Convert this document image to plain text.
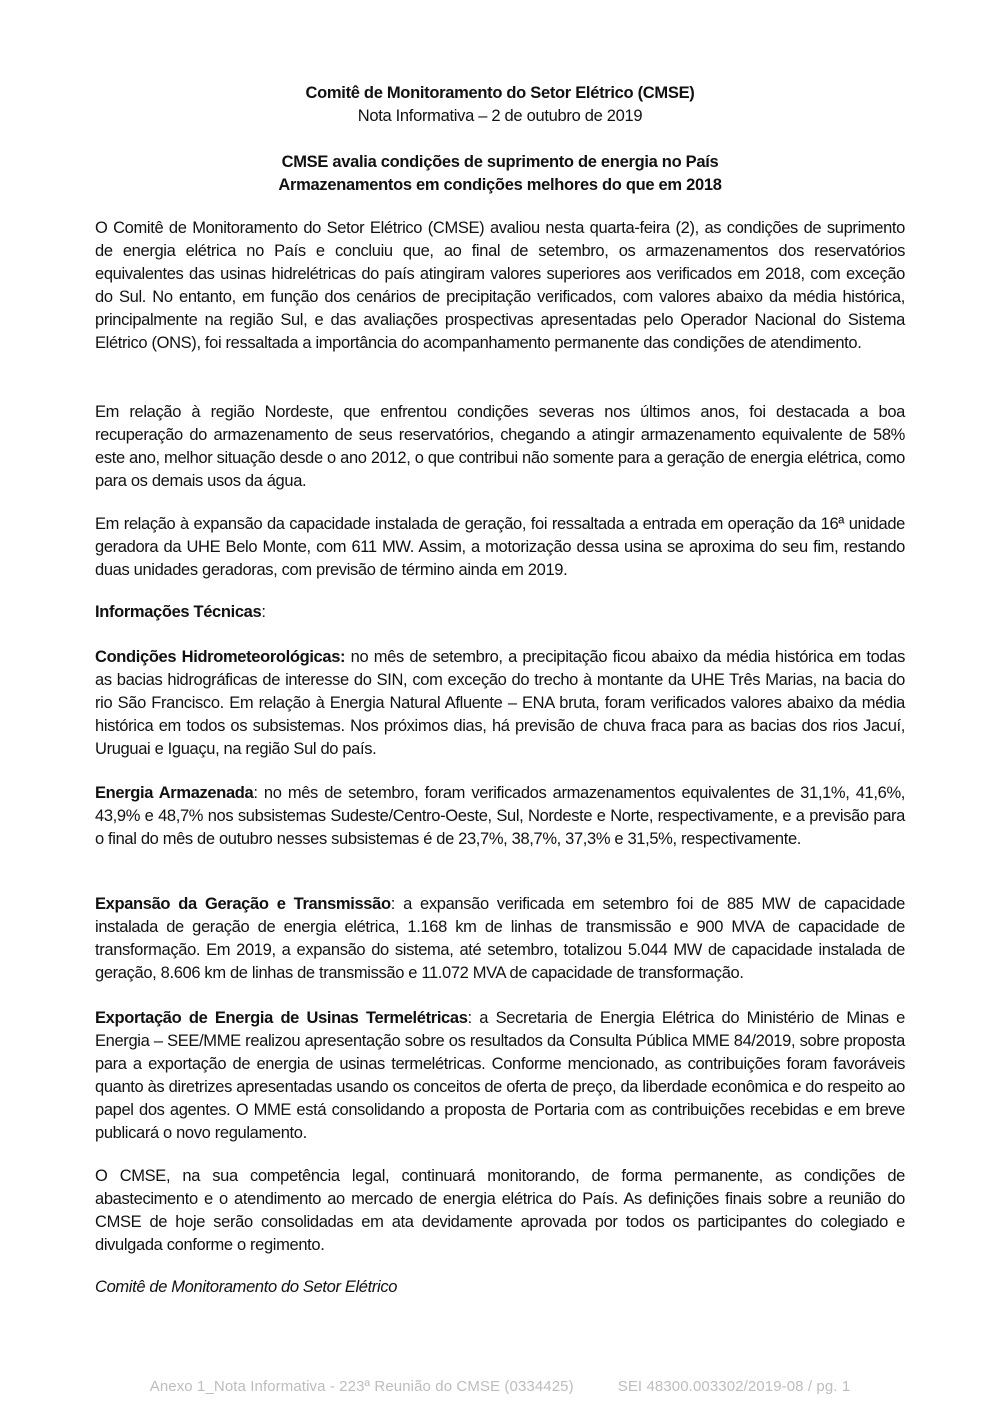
Comitê de Monitoramento do Setor Elétrico (CMSE)
Nota Informativa – 2 de outubro de 2019
CMSE avalia condições de suprimento de energia no País
Armazenamentos em condições melhores do que em 2018

O Comitê de Monitoramento do Setor Elétrico (CMSE) avaliou nesta quarta-feira (2), as condições de suprimento de energia elétrica no País e concluiu que, ao final de setembro, os armazenamentos dos reservatórios equivalentes das usinas hidrelétricas do país atingiram valores superiores aos verificados em 2018, com exceção do Sul. No entanto, em função dos cenários de precipitação verificados, com valores abaixo da média histórica, principalmente na região Sul, e das avaliações prospectivas apresentadas pelo Operador Nacional do Sistema Elétrico (ONS), foi ressaltada a importância do acompanhamento permanente das condições de atendimento.

Em relação à região Nordeste, que enfrentou condições severas nos últimos anos, foi destacada a boa recuperação do armazenamento de seus reservatórios, chegando a atingir armazenamento equivalente de 58% este ano, melhor situação desde o ano 2012, o que contribui não somente para a geração de energia elétrica, como para os demais usos da água.

Em relação à expansão da capacidade instalada de geração, foi ressaltada a entrada em operação da 16ª unidade geradora da UHE Belo Monte, com 611 MW. Assim, a motorização dessa usina se aproxima do seu fim, restando duas unidades geradoras, com previsão de término ainda em 2019.

Informações Técnicas:

Condições Hidrometeorológicas: no mês de setembro, a precipitação ficou abaixo da média histórica em todas as bacias hidrográficas de interesse do SIN, com exceção do trecho à montante da UHE Três Marias, na bacia do rio São Francisco. Em relação à Energia Natural Afluente – ENA bruta, foram verificados valores abaixo da média histórica em todos os subsistemas. Nos próximos dias, há previsão de chuva fraca para as bacias dos rios Jacuí, Uruguai e Iguaçu, na região Sul do país.

Energia Armazenada: no mês de setembro, foram verificados armazenamentos equivalentes de 31,1%, 41,6%, 43,9% e 48,7% nos subsistemas Sudeste/Centro-Oeste, Sul, Nordeste e Norte, respectivamente, e a previsão para o final do mês de outubro nesses subsistemas é de 23,7%, 38,7%, 37,3% e 31,5%, respectivamente.

Expansão da Geração e Transmissão: a expansão verificada em setembro foi de 885 MW de capacidade instalada de geração de energia elétrica, 1.168 km de linhas de transmissão e 900 MVA de capacidade de transformação. Em 2019, a expansão do sistema, até setembro, totalizou 5.044 MW de capacidade instalada de geração, 8.606 km de linhas de transmissão e 11.072 MVA de capacidade de transformação.

Exportação de Energia de Usinas Termelétricas: a Secretaria de Energia Elétrica do Ministério de Minas e Energia – SEE/MME realizou apresentação sobre os resultados da Consulta Pública MME 84/2019, sobre proposta para a exportação de energia de usinas termelétricas. Conforme mencionado, as contribuições foram favoráveis quanto às diretrizes apresentadas usando os conceitos de oferta de preço, da liberdade econômica e do respeito ao papel dos agentes. O MME está consolidando a proposta de Portaria com as contribuições recebidas e em breve publicará o novo regulamento.

O CMSE, na sua competência legal, continuará monitorando, de forma permanente, as condições de abastecimento e o atendimento ao mercado de energia elétrica do País. As definições finais sobre a reunião do CMSE de hoje serão consolidadas em ata devidamente aprovada por todos os participantes do colegiado e divulgada conforme o regimento.

Comitê de Monitoramento do Setor Elétrico
Anexo 1_Nota Informativa - 223ª Reunião do CMSE (0334425)	SEI 48300.003302/2019-08 / pg. 1
